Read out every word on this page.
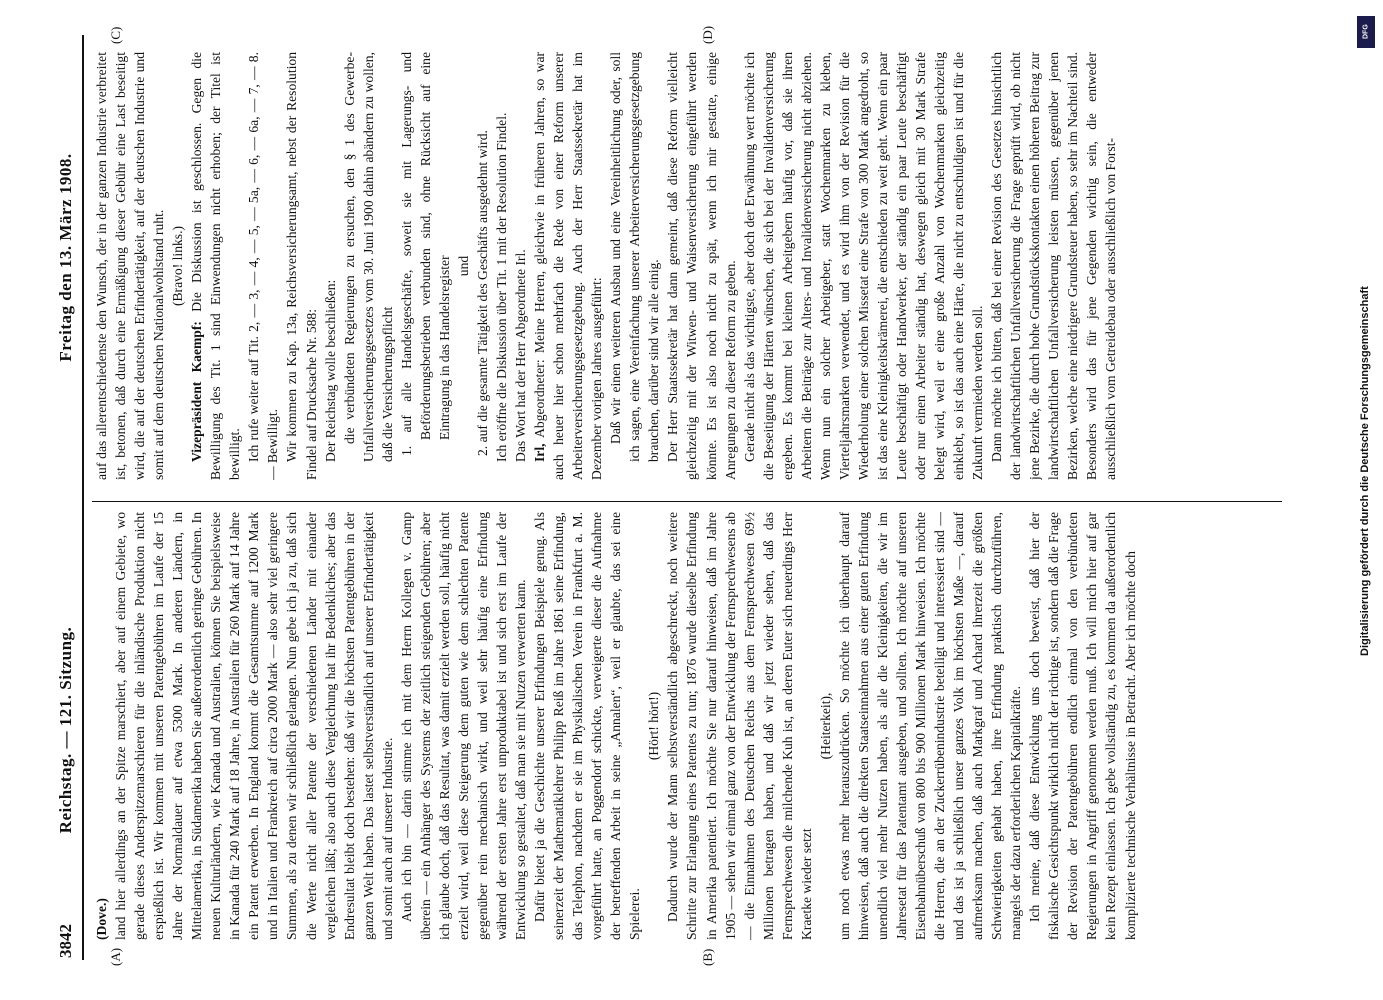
3842
Reichstag. — 121. Sitzung.
Freitag den 13. März 1908.
(A)	(B)
(C)	(D)

(Dove.) land hier allerdings an der Spitze marschiert, aber auf einem Gebiete, wo gerade dieses Anderspitzemarschieren für die inländische Produktion nicht erspießlich ist. Wir kommen mit unseren Patentgebühren im Laufe der 15 Jahre der Normaldauer auf etwa 5300 Mark. In anderen Ländern, in Mittelamerika, in Südamerika haben Sie außerordentlich geringe Gebühren. In neuen Kulturländern, wie Kanada und Australien, können Sie beispielsweise in Kanada für 240 Mark auf 18 Jahre, in Australien für 260 Mark auf 14 Jahre ein Patent erwerben. In England kommt die Gesamtsumme auf 1200 Mark und in Italien und Frankreich auf circa 2000 Mark — also sehr viel geringere Summen, als zu denen wir schließlich gelangen. Nun gebe ich ja zu, daß sich die Werte nicht aller Patente der verschiedenen Länder mit einander vergleichen läßt; also auch diese Vergleichung hat ihr Bedenkliches; aber das Endresultat bleibt doch bestehen: daß wir die höchsten Patentgebühren in der ganzen Welt haben. Das lastet selbstverständlich auf unserer Erfindertätigkeit und somit auch auf unserer Industrie. Auch ich bin — darin stimme ich mit dem Herrn Kollegen v. Gamp überein — ein Anhänger des Systems der zeitlich steigenden Gebühren; aber ich glaube doch, daß das Resultat, was damit erzielt werden soll, häufig nicht erzielt wird, weil diese Steigerung dem guten wie dem schlechten Patente gegenüber rein mechanisch wirkt, und weil sehr häufig eine Erfindung während der ersten Jahre erst unproduktabel ist und sich erst im Laufe der Entwicklung so gestaltet, daß man sie mit Nutzen verwerten kann. Dafür bietet ja die Geschichte unserer Erfindungen Beispiele genug. Als seinerzeit der Mathematiklehrer Philipp Reiß im Jahre 1861 seine Erfindung, das Telephon, nachdem er sie im Physikalischen Verein in Frankfurt a. M. vorgeführt hatte, an Poggendorf schickte, verweigerte dieser die Aufnahme der betreffenden Arbeit in seine „Annalen“, weil er glaubte, das sei eine Spielerei.

(Hört! hört!) Dadurch wurde der Mann selbstverständlich abgeschreckt, noch weitere Schritte zur Erlangung eines Patentes zu tun; 1876 wurde dieselbe Erfindung in Amerika patentiert. Ich möchte Sie nur darauf hinweisen, daß im Jahre 1905 — sehen wir einmal ganz von der Entwicklung der Fernsprechwesens ab — die Einnahmen des Deutschen Reichs aus dem Fernsprechwesen 69½ Millionen betragen haben, und daß wir jetzt wieder sehen, daß das Fernsprechwesen die milchende Kuh ist, an deren Euter sich neuerdings Herr Kraetke wieder setzt

(Heiterkeit), um noch etwas mehr herauszudrücken. So möchte ich überhaupt darauf hinweisen, daß auch die direkten Staatseinnahmen aus einer guten Erfindung unendlich viel mehr Nutzen haben, als alle die Kleinigkeiten, die wir im Jahresetat für das Patentamt ausgeben, und sollten. Ich möchte auf unseren Eisenbahnüberschuß von 800 bis 900 Millionen Mark hinweisen. Ich möchte die Herren, die an der Zuckerrübenindustrie beteiligt und interessiert sind — und das ist ja schließlich unser ganzes Volk im höchsten Maße —, darauf aufmerksam machen, daß auch Markgraf und Achard ihrerzeit die größten Schwierigkeiten gehabt haben, ihre Erfindung praktisch durchzuführen, mangels der dazu erforderlichen Kapitalkräfte. Ich meine, daß diese Entwicklung uns doch beweist, daß hier der fiskalische Gesichtspunkt wirklich nicht der richtige ist, sondern daß die Frage der Revision der Patentgebühren endlich einmal von den verbündeten Regierungen in Angriff genommen werden muß. Ich will mich hier auf gar kein Rezept einlassen. Ich gebe vollständig zu, es kommen da außerordentlich komplizierte technische Verhältnisse in Betracht. Aber ich möchte doch

auf das allerentschiedenste den Wunsch, der in der ganzen Industrie verbreitet ist, betonen, daß durch eine Ermäßigung dieser Gebühr eine Last beseitigt wird, die auf der deutschen Erfindertätigkeit, auf der deutschen Industrie und somit auf dem deutschen Nationalwohlstand ruht. (Bravo! links.)

Vizepräsident Kaempf: Die Diskussion ist geschlossen. Gegen die Bewilligung des Tit. 1 sind Einwendungen nicht erhoben; der Titel ist bewilligt. Ich rufe weiter auf Tit. 2, — 3, — 4, — 5, — 5a, — 6, — 6a, — 7, — 8. — Bewilligt. Wir kommen zu Kap. 13a, Reichsversicherungsamt, nebst der Resolution Findel auf Drucksache Nr. 588: Der Reichstag wolle beschließen: die verbündeten Regierungen zu ersuchen, den § 1 des Gewerbe-Unfallversicherungsgesetzes vom 30. Juni 1900 dahin abändern zu wollen, daß die Versicherungspflicht 1. auf alle Handelsgeschäfte, soweit sie mit Lagerungs- und Beförderungsbetrieben verbunden sind, ohne Rücksicht auf eine Eintragung in das Handelsregister und 2. auf die gesamte Tätigkeit des Geschäfts ausgedehnt wird. Ich eröffne die Diskussion über Tit. 1 mit der Resolution Findel. Das Wort hat der Herr Abgeordnete Irl. Irl, Abgeordneter: Meine Herren, gleichwie in früheren Jahren, so war auch heuer hier schon mehrfach die Rede von einer Reform unserer Arbeiterversicherungsgesetzgebung. Auch der Herr Staatssekretär hat im Dezember vorigen Jahres ausgeführt: Daß wir einen weiteren Ausbau und eine Vereinheitlichung oder, soll ich sagen, eine Vereinfachung unserer Arbeiterversicherungsgesetzgebung brauchen, darüber sind wir alle einig. Der Herr Staatssekretär hat dann gemeint, daß diese Reform vielleicht gleichzeitig mit der Witwen- und Waisenversicherung eingeführt werden könnte. Es ist also noch nicht zu spät, wenn ich mir gestatte, einige Anregungen zu dieser Reform zu geben. Gerade nicht als das wichtigste, aber doch der Erwähnung wert möchte ich die Beseitigung der Härten wünschen, die sich bei der Invalidenversicherung ergeben. Es kommt bei kleinen Arbeitgebern häufig vor, daß sie ihren Arbeitern die Beiträge zur Alters- und Invalidenversicherung nicht abziehen. Wenn nun ein solcher Arbeitgeber, statt Wochenmarken zu kleben, Vierteljahrsmarken verwendet, und es wird ihm von der Revision für die Wiederholung einer solchen Missetat eine Strafe von 300 Mark angedroht, so ist das eine Kleinigkeitskrämerei, die entschieden zu weit geht. Wenn ein paar Leute beschäftigt oder Handwerker, der ständig ein paar Leute beschäftigt oder nur einen Arbeiter ständig hat, deswegen gleich mit 30 Mark Strafe belegt wird, weil er eine große Anzahl von Wochenmarken gleichzeitig einklebt, so ist das auch eine Härte, die nicht zu entschuldigen ist und für die Zukunft vermieden werden soll. Dann möchte ich bitten, daß bei einer Revision des Gesetzes hinsichtlich der landwirtschaftlichen Unfallversicherung die Frage geprüft wird, ob nicht jene Bezirke, die durch hohe Grundstückskontakten einen höheren Beitrag zur landwirtschaftlichen Unfallversicherung leisten müssen, gegenüber jenen Bezirken, welche eine niedrigere Grundsteuer haben, so sehr im Nachteil sind. Besonders wird das für jene Gegenden wichtig sein, die entweder ausschließlich vom Getreidebau oder ausschließlich von Forst-

DFG
Digitalisierung gefördert durch die Deutsche Forschungsgemeinschaft
